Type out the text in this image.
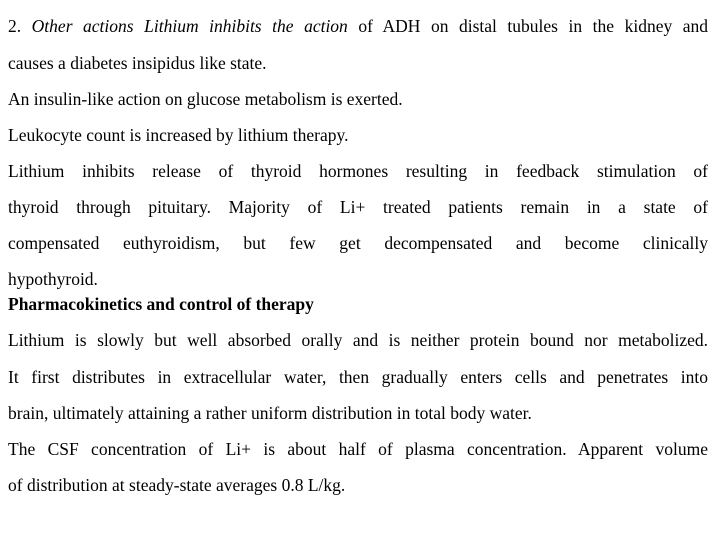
2. Other actions Lithium inhibits the action of ADH on distal tubules in the kidney and
causes a diabetes insipidus like state.
An insulin-like action on glucose metabolism is exerted.
Leukocyte count is increased by lithium therapy.
Lithium inhibits release of thyroid hormones resulting in feedback stimulation of
thyroid through pituitary. Majority of Li+ treated patients remain in a state of
compensated euthyroidism, but few get decompensated and become clinically
hypothyroid.
Pharmacokinetics and control of therapy
Lithium is slowly but well absorbed orally and is neither protein bound nor metabolized.
It first distributes in extracellular water, then gradually enters cells and penetrates into
brain, ultimately attaining a rather uniform distribution in total body water.
The CSF concentration of Li+ is about half of plasma concentration. Apparent volume
of distribution at steady-state averages 0.8 L/kg.
